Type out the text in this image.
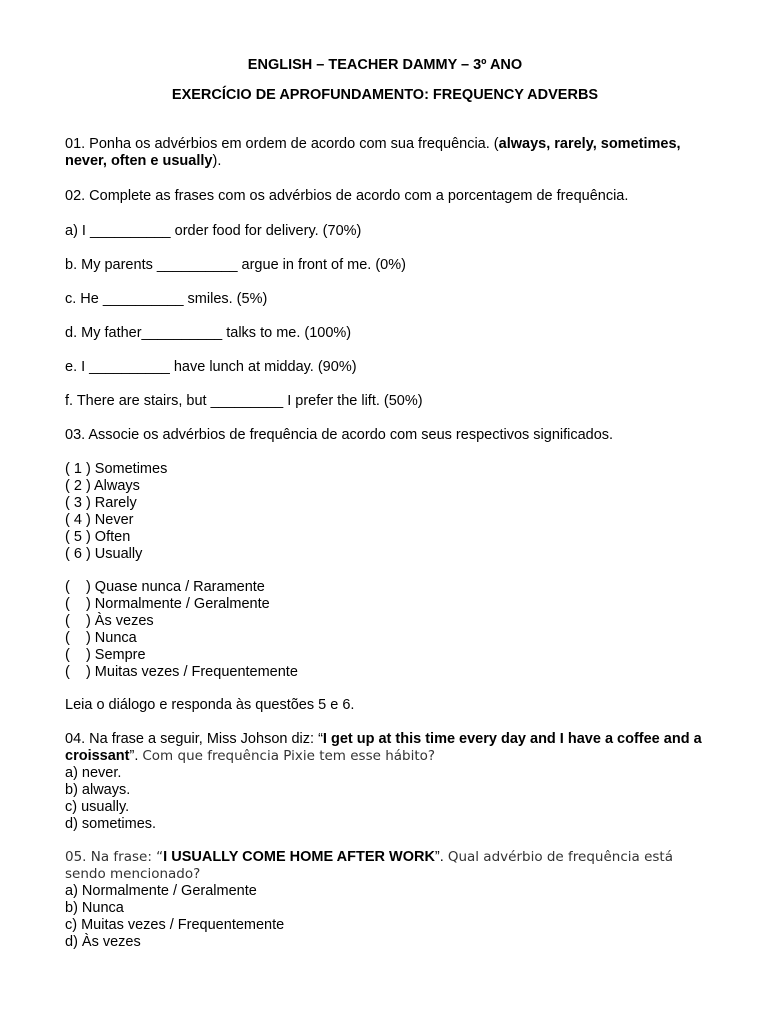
ENGLISH – TEACHER DAMMY – 3º ANO

EXERCÍCIO DE APROFUNDAMENTO: FREQUENCY ADVERBS

01. Ponha os advérbios em ordem de acordo com sua frequência. (always, rarely, sometimes, never, often e usually).

02. Complete as frases com os advérbios de acordo com a porcentagem de frequência.

a) I __________ order food for delivery. (70%)

b. My parents __________ argue in front of me. (0%)

c. He __________ smiles. (5%)

d. My father__________ talks to me. (100%)

e. I __________ have lunch at midday. (90%)

f. There are stairs, but _________ I prefer the lift. (50%)

03. Associe os advérbios de frequência de acordo com seus respectivos significados.

( 1 ) Sometimes

( 2 ) Always

( 3 ) Rarely

( 4 ) Never

( 5 ) Often

( 6 ) Usually

(    ) Quase nunca / Raramente

(    ) Normalmente / Geralmente

(    ) Às vezes

(    ) Nunca

(    ) Sempre

(    ) Muitas vezes / Frequentemente

Leia o diálogo e responda às questões 5 e 6.

04. Na frase a seguir, Miss Johson diz: “I get up at this time every day and I have a coffee and a croissant”. Com que frequência Pixie tem esse hábito?

a) never.

b) always.

c) usually.

d) sometimes.

05. Na frase: “I USUALLY COME HOME AFTER WORK”. Qual advérbio de frequência está sendo mencionado?

a) Normalmente / Geralmente

b) Nunca

c) Muitas vezes / Frequentemente

d) Às vezes
